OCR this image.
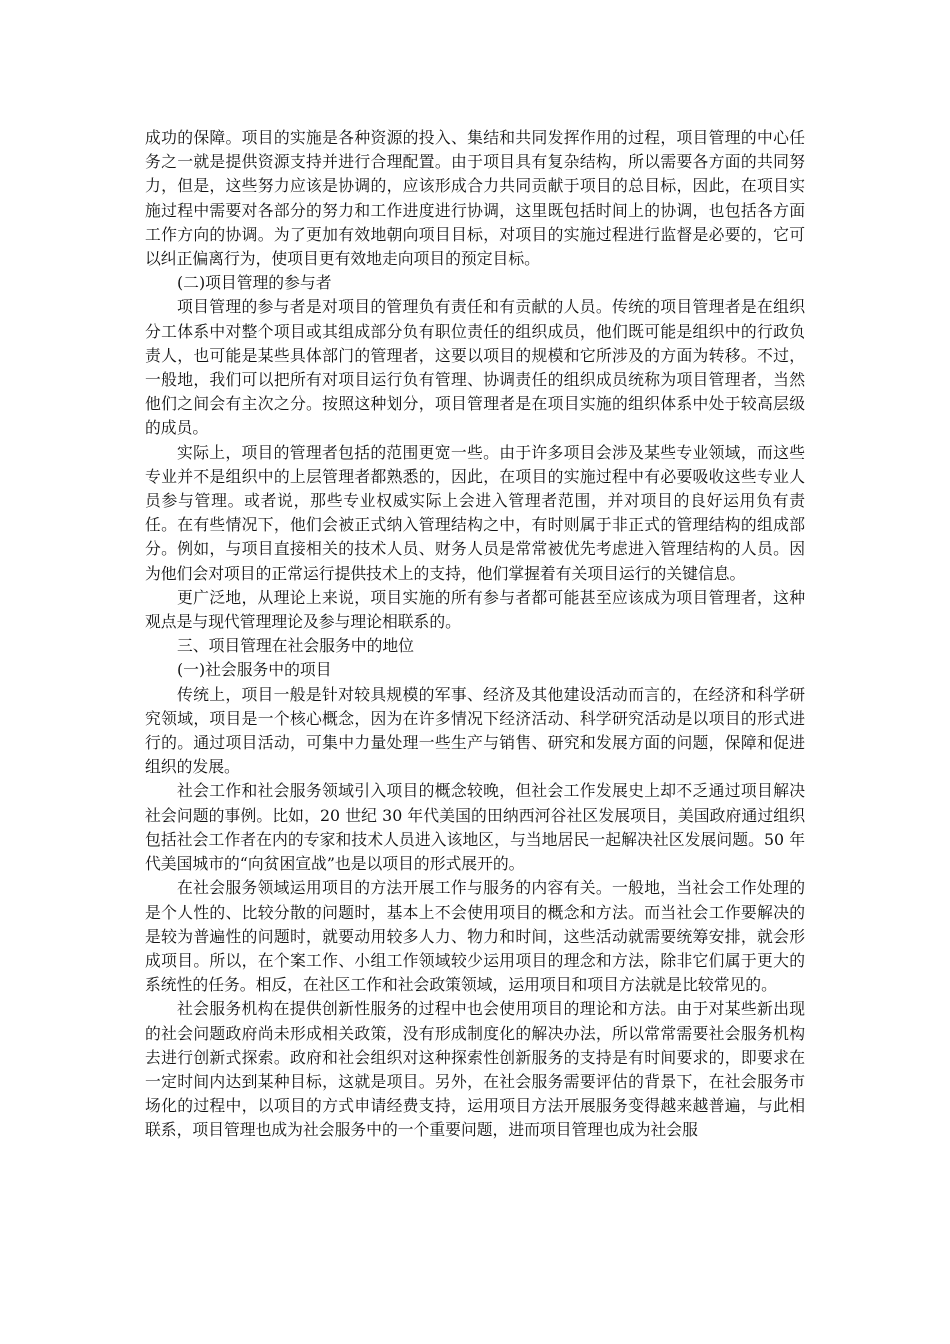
成功的保障。项目的实施是各种资源的投入、集结和共同发挥作用的过程，项目管理的中心任务之一就是提供资源支持并进行合理配置。由于项目具有复杂结构，所以需要各方面的共同努力，但是，这些努力应该是协调的，应该形成合力共同贡献于项目的总目标，因此，在项目实施过程中需要对各部分的努力和工作进度进行协调，这里既包括时间上的协调，也包括各方面工作方向的协调。为了更加有效地朝向项目目标，对项目的实施过程进行监督是必要的，它可以纠正偏离行为，使项目更有效地走向项目的预定目标。

(二)项目管理的参与者

项目管理的参与者是对项目的管理负有责任和有贡献的人员。传统的项目管理者是在组织分工体系中对整个项目或其组成部分负有职位责任的组织成员，他们既可能是组织中的行政负责人，也可能是某些具体部门的管理者，这要以项目的规模和它所涉及的方面为转移。不过，一般地，我们可以把所有对项目运行负有管理、协调责任的组织成员统称为项目管理者，当然他们之间会有主次之分。按照这种划分，项目管理者是在项目实施的组织体系中处于较高层级的成员。

实际上，项目的管理者包括的范围更宽一些。由于许多项目会涉及某些专业领域，而这些专业并不是组织中的上层管理者都熟悉的，因此，在项目的实施过程中有必要吸收这些专业人员参与管理。或者说，那些专业权威实际上会进入管理者范围，并对项目的良好运用负有责任。在有些情况下，他们会被正式纳入管理结构之中，有时则属于非正式的管理结构的组成部分。例如，与项目直接相关的技术人员、财务人员是常常被优先考虑进入管理结构的人员。因为他们会对项目的正常运行提供技术上的支持，他们掌握着有关项目运行的关键信息。

更广泛地，从理论上来说，项目实施的所有参与者都可能甚至应该成为项目管理者，这种观点是与现代管理理论及参与理论相联系的。

三、项目管理在社会服务中的地位

(一)社会服务中的项目

传统上，项目一般是针对较具规模的军事、经济及其他建设活动而言的，在经济和科学研究领域，项目是一个核心概念，因为在许多情况下经济活动、科学研究活动是以项目的形式进行的。通过项目活动，可集中力量处理一些生产与销售、研究和发展方面的问题，保障和促进组织的发展。

社会工作和社会服务领域引入项目的概念较晚，但社会工作发展史上却不乏通过项目解决社会问题的事例。比如，20 世纪 30 年代美国的田纳西河谷社区发展项目，美国政府通过组织包括社会工作者在内的专家和技术人员进入该地区，与当地居民一起解决社区发展问题。50 年代美国城市的“向贫困宣战”也是以项目的形式展开的。

在社会服务领域运用项目的方法开展工作与服务的内容有关。一般地，当社会工作处理的是个人性的、比较分散的问题时，基本上不会使用项目的概念和方法。而当社会工作要解决的是较为普遍性的问题时，就要动用较多人力、物力和时间，这些活动就需要统筹安排，就会形成项目。所以，在个案工作、小组工作领域较少运用项目的理念和方法，除非它们属于更大的系统性的任务。相反，在社区工作和社会政策领域，运用项目和项目方法就是比较常见的。

社会服务机构在提供创新性服务的过程中也会使用项目的理论和方法。由于对某些新出现的社会问题政府尚未形成相关政策，没有形成制度化的解决办法，所以常常需要社会服务机构去进行创新式探索。政府和社会组织对这种探索性创新服务的支持是有时间要求的，即要求在一定时间内达到某种目标，这就是项目。另外，在社会服务需要评估的背景下，在社会服务市场化的过程中，以项目的方式申请经费支持，运用项目方法开展服务变得越来越普遍，与此相联系，项目管理也成为社会服务中的一个重要问题，进而项目管理也成为社会服
